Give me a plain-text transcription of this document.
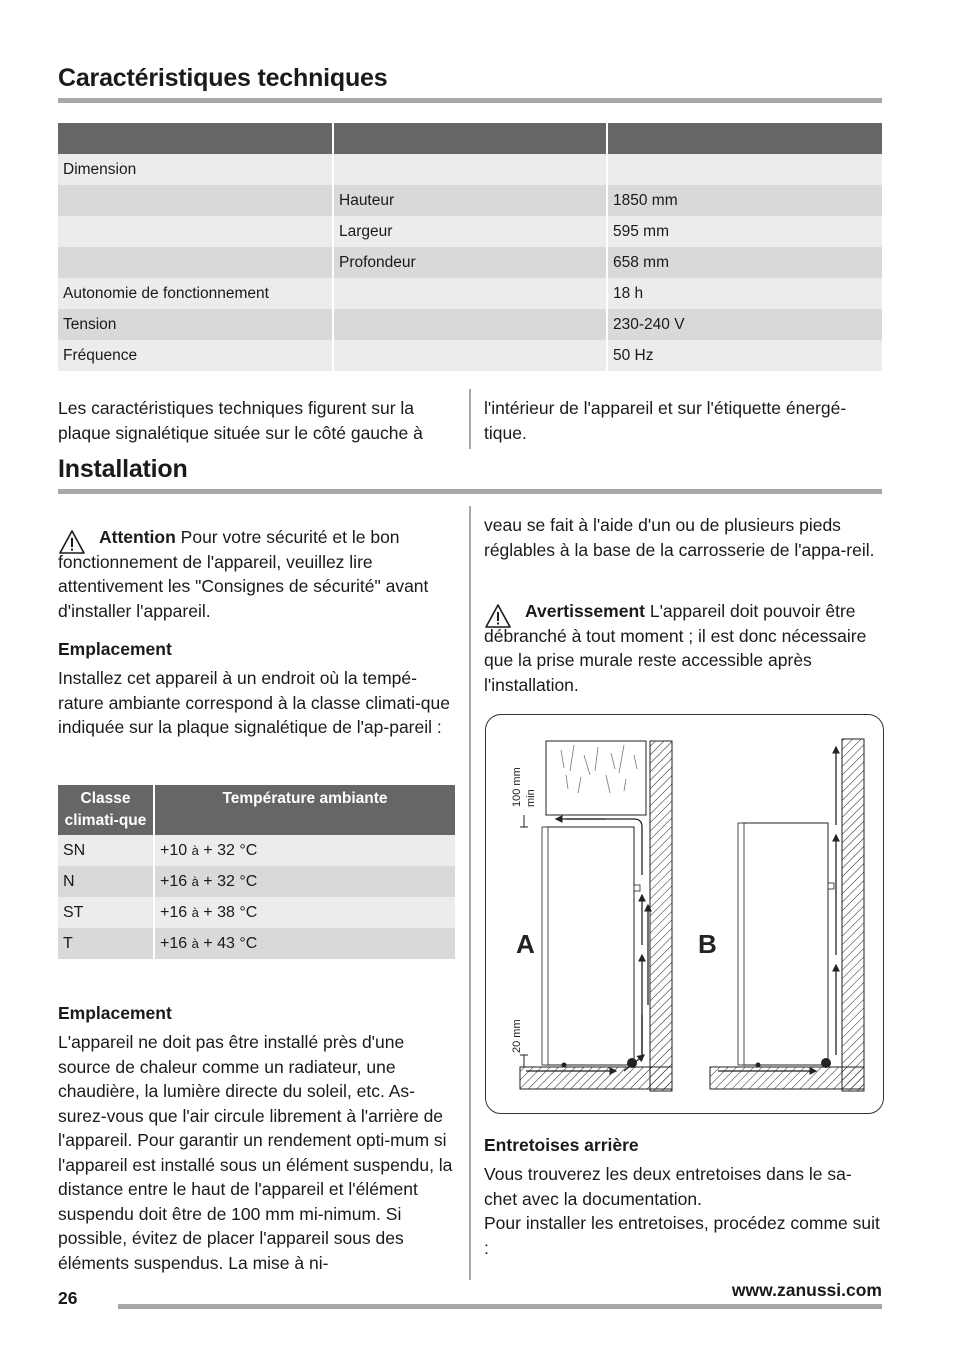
Caractéristiques techniques

Dimension		
	Hauteur	1850 mm
	Largeur	595 mm
	Profondeur	658 mm
Autonomie de fonctionnement		18 h
Tension		230-240 V
Fréquence		50 Hz
Les caractéristiques techniques figurent sur la plaque signalétique située sur le côté gauche à
l'intérieur de l'appareil et sur l'étiquette énergé-tique.
Installation
Attention Pour votre sécurité et le bon fonctionnement de l'appareil, veuillez lire attentivement les "Consignes de sécurité" avant d'installer l'appareil.
Emplacement
Installez cet appareil à un endroit où la tempé-rature ambiante correspond à la classe climati-que indiquée sur la plaque signalétique de l'ap-pareil :
Classe climati-que	Température ambiante
SN	+10 à + 32 °C
N	+16 à + 32 °C
ST	+16 à + 38 °C
T	+16 à + 43 °C
Emplacement
L'appareil ne doit pas être installé près d'une source de chaleur comme un radiateur, une chaudière, la lumière directe du soleil, etc. As-surez-vous que l'air circule librement à l'arrière de l'appareil. Pour garantir un rendement opti-mum si l'appareil est installé sous un élément suspendu, la distance entre le haut de l'appareil et l'élément suspendu doit être de 100 mm mi-nimum. Si possible, évitez de placer l'appareil sous des éléments suspendus. La mise à ni-
veau se fait à l'aide d'un ou de plusieurs pieds réglables à la base de la carrosserie de l'appa-reil.
Avertissement L'appareil doit pouvoir être débranché à tout moment ; il est donc nécessaire que la prise murale reste accessible après l'installation.
100 mm min
20 mm
A	B
Entretoises arrière
Vous trouverez les deux entretoises dans le sa-chet avec la documentation.
Pour installer les entretoises, procédez comme suit :
26	www.zanussi.com
